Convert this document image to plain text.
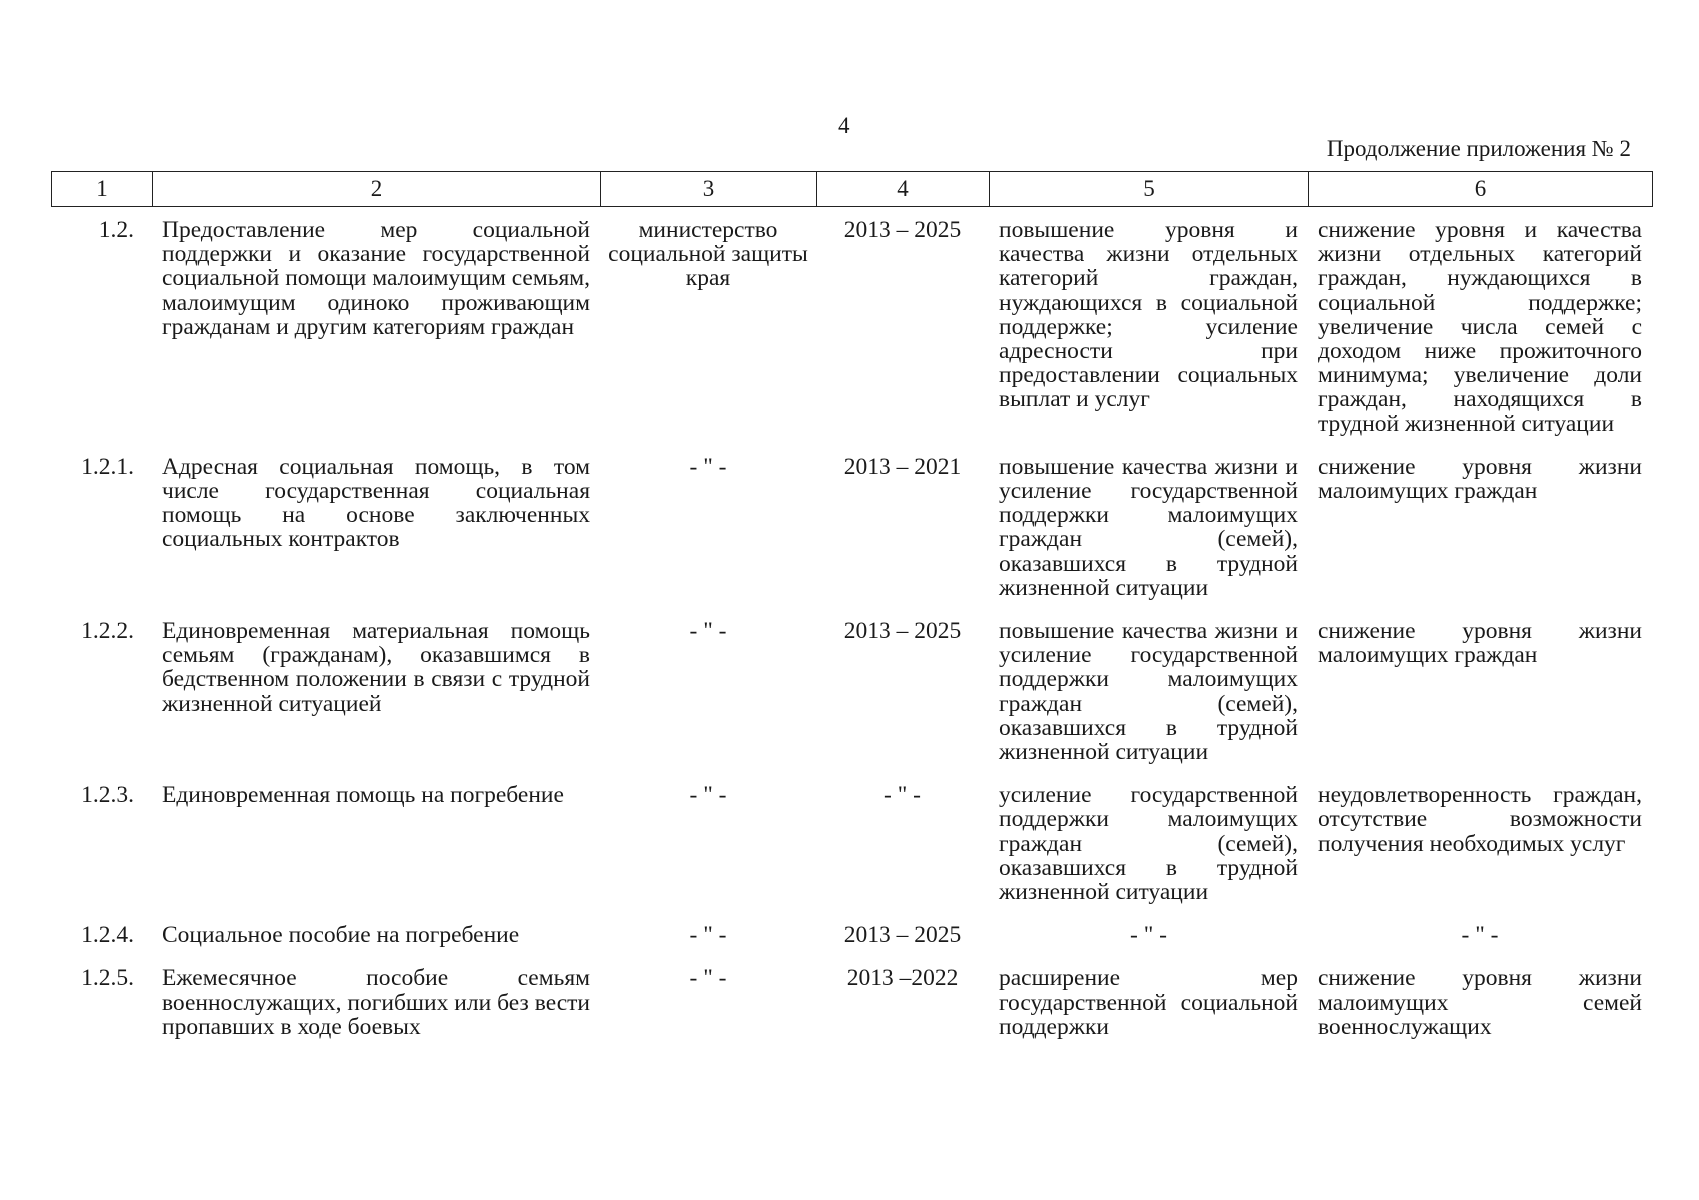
4
Продолжение приложения № 2
1	2	3	4	5	6
1.2.	Предоставление мер социальной поддержки и оказание государственной социальной помощи малоимущим семьям, малоимущим одиноко проживающим гражданам и другим категориям граждан	министерство социальной защиты края	2013 – 2025	повышение уровня и качества жизни отдельных категорий граждан, нуждающихся в социальной поддержке; усиление адресности при предоставлении социальных выплат и услуг	снижение уровня и качества жизни отдельных категорий граждан, нуждающихся в социальной поддержке; увеличение числа семей с доходом ниже прожиточного минимума; увеличение доли граждан, находящихся в трудной жизненной ситуации
1.2.1.	Адресная социальная помощь, в том числе государственная социальная помощь на основе заключенных социальных контрактов	- " -	2013 – 2021	повышение качества жизни и усиление государственной поддержки малоимущих граждан (семей), оказавшихся в трудной жизненной ситуации	снижение уровня жизни малоимущих граждан
1.2.2.	Единовременная материальная помощь семьям (гражданам), оказавшимся в бедственном положении в связи с трудной жизненной ситуацией	- " -	2013 – 2025	повышение качества жизни и усиление государственной поддержки малоимущих граждан (семей), оказавшихся в трудной жизненной ситуации	снижение уровня жизни малоимущих граждан
1.2.3.	Единовременная помощь на погребение	- " -	- " -	усиление государственной поддержки малоимущих граждан (семей), оказавшихся в трудной жизненной ситуации	неудовлетворенность граждан, отсутствие возможности получения необходимых услуг
1.2.4.	Социальное пособие на погребение	- " -	2013 – 2025	- " -	- " -
1.2.5.	Ежемесячное пособие семьям военнослужащих, погибших или без вести пропавших в ходе боевых	- " -	2013 –2022	расширение мер государственной социальной поддержки	снижение уровня жизни малоимущих семей военнослужащих
